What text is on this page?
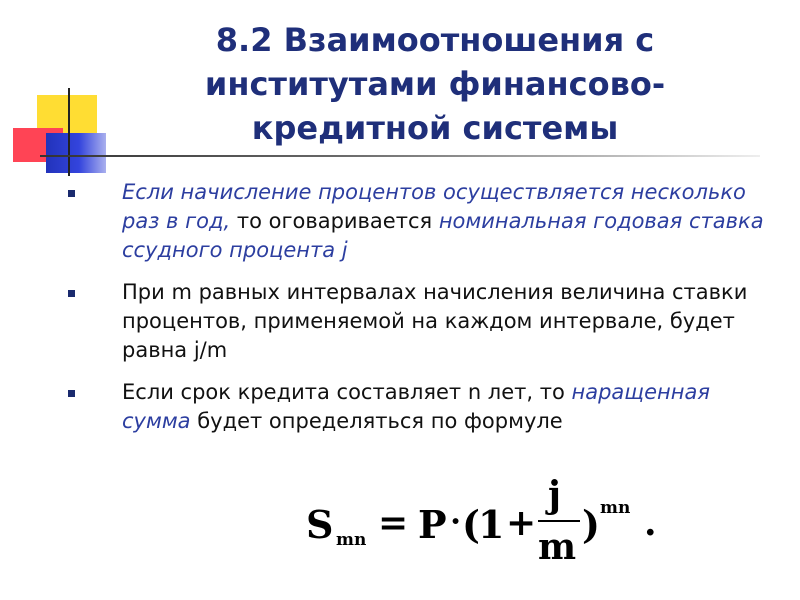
8.2 Взаимоотношения с институтами финансово-кредитной системы
Если начисление процентов осуществляется несколько раз в год, то оговаривается номинальная годовая ставка ссудного процента j
При m равных интервалах начисления величина ставки процентов, применяемой на каждом интервале, будет равна j/m
Если срок кредита составляет n лет, то наращенная сумма будет определяться по формуле
S mn = P · (
1 +
j
m ) mn .
